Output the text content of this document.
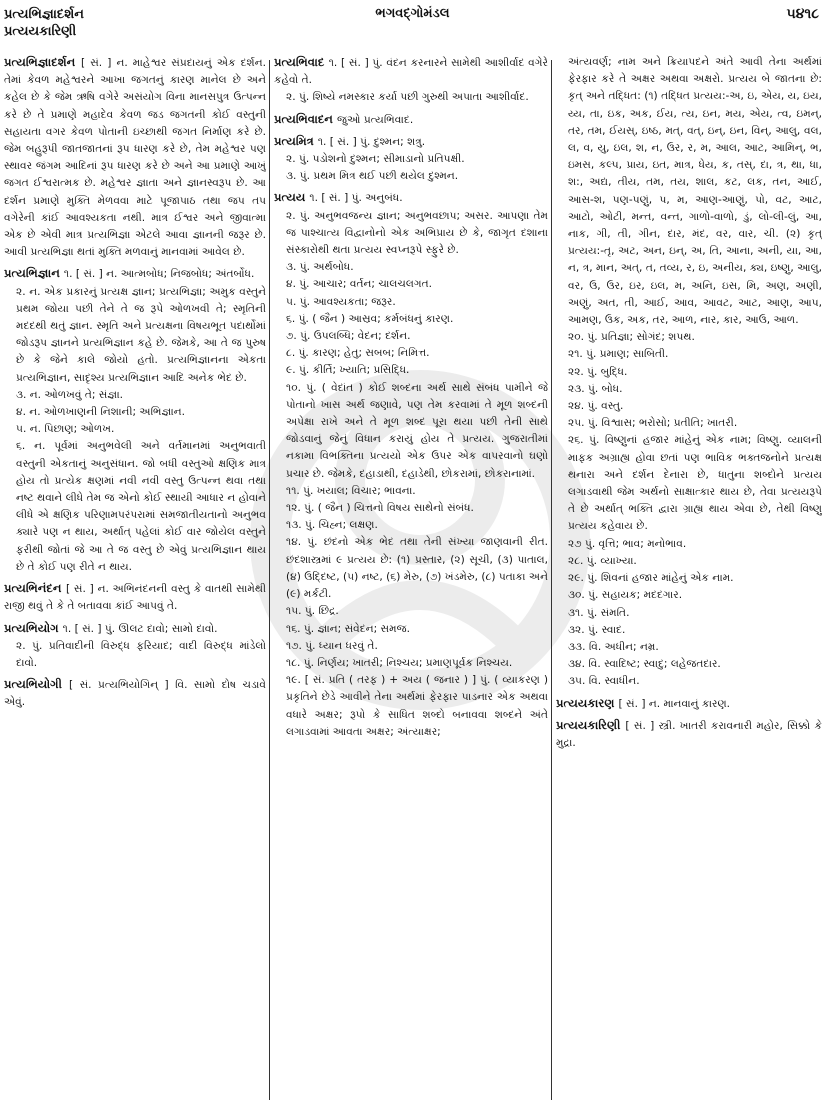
પ્રત્યભિજ્ઞાદર્શન
પ્રત્યયકારિણી
ભગવદ્ગોમંડલ	૫૪૧૮
પ્રત્યભિજ્ઞાદર્શન [ સં. ] ન. માહેશ્વર સંપ્રદાયનું એક દર્શન. તેમાં કેવળ મહેશ્વરને આખા જગતનું કારણ માનેલ છે અને કહેલ છે કે જેમ ઋષિ વગેરે અસંયોગ વિના માનસપુત્ર ઉત્પન્ન કરે છે તે પ્રમાણે મહાદેવ કેવળ જડ જગતની કોઈ વસ્તુની સહાયતા વગર કેવળ પોતાની ઇચ્છાથી જગત નિર્માણ કરે છે. જેમ બહુરૂપી જાતજાતનાં રૂપ ધારણ કરે છે, તેમ મહેશ્વર પણ સ્થાવર જંગમ આદિનાં રૂપ ધારણ કરે છે અને આ પ્રમાણે આખું જગત ઈશ્વરાત્મક છે. મહેશ્વર જ્ઞાતા અને જ્ઞાનસ્વરૂપ છે. આ દર્શન પ્રમાણે મુક્તિ મેળવવા માટે પૂજાપાઠ તથા જપ તપ વગેરેની કાંઈ આવશ્યકતા નથી. માત્ર ઈશ્વર અને જીવાત્મા એક છે એવી માત્ર પ્રત્યભિજ્ઞા એટલે આવા જ્ઞાનની જરૂર છે. આવી પ્રત્યભિજ્ઞા થતાં મુક્તિ મળવાનું માનવામાં આવેલ છે.
પ્રત્યભિજ્ઞાન ૧. [ સં. ] ન. આત્મબોધ; નિજબોધ; અંતર્બોધ.
૨. ન. એક પ્રકારનું પ્રત્યક્ષ જ્ઞાન; પ્રત્યભિજ્ઞા; અમુક વસ્તુને પ્રથમ જોયા પછી તેને તે જ રૂપે ઓળખવી તે; સ્મૃતિની મદદથી થતું જ્ઞાન. સ્મૃતિ અને પ્રત્યક્ષના વિષયભૂત પદાર્થોમાં જોડરૂપ જ્ઞાનને પ્રત્યભિજ્ઞાન કહે છે. જેમકે, આ તે જ પુરુષ છે કે જેને કાલે જોયો હતો. પ્રત્યભિજ્ઞાનના એકતા પ્રત્યભિજ્ઞાન, સાદૃશ્ય પ્રત્યભિજ્ઞાન આદિ અનેક ભેદ છે.
૩. ન. ઓળખવું તે; સંજ્ઞા.
૪. ન. ઓળખાણની નિશાની; અભિજ્ઞાન.
૫. ન. પિછાણ; ઓળખ.
૬. ન. પૂર્વમાં અનુભવેલી અને વર્તમાનમાં અનુભવાતી વસ્તુની એકતાનું અનુસંધાન. જો બધી વસ્તુઓ ક્ષણિક માત્ર હોય તો પ્રત્યેક ક્ષણમાં નવી નવી વસ્તુ ઉત્પન્ન થવા તથા નષ્ટ થવાને લીધે તેમ જ એનો કોઈ સ્થાયી આધાર ન હોવાને લીધે એ ક્ષણિક પરિણામપરંપરામાં સમજાતીયતાનો અનુભવ ક્યારે પણ ન થાય, અર્થાત્ પહેલાં કોઈ વાર જોયેલ વસ્તુને ફરીથી જોતાં જે આ તે જ વસ્તુ છે એવું પ્રત્યભિજ્ઞાન થાય છે તે કોઈ પણ રીતે ન થાય.
પ્રત્યભિનંદન [ સં. ] ન. અભિનંદનની વસ્તુ કે વાતથી સામેથી રાજી થવું તે કે તે બતાવવા કાંઈ આપવું તે.
પ્રત્યભિયોગ ૧. [ સં. ] પું. ઊલટ દાવો; સામો દાવો.
૨. પું. પ્રતિવાદીની વિરુદ્ધ ફરિયાદ; વાદી વિરુદ્ધ માંડેલો દાવો.
પ્રત્યભિયોગી [ સં. પ્રત્યભિયોગિન્ ] વિ. સામો દોષ ચડાવે એવું.
પ્રત્યભિવાદ ૧. [ સં. ] પું. વંદન કરનારને સામેથી આશીર્વાદ વગેરે કહેવો તે.
૨. પું. શિષ્યે નમસ્કાર કર્યા પછી ગુરુથી અપાતા આશીર્વાદ.
પ્રત્યભિવાદન જુઓ પ્રત્યભિવાદ.
પ્રત્યમિત્ર ૧. [ સં. ] પું. દુશ્મન; શત્રુ.
૨. પું. પડોશનો દુશ્મન; સીમાડાનો પ્રતિપક્ષી.
૩. પું. પ્રથમ મિત્ર થઈ પછી થયેલ દુશ્મન.
પ્રત્યય ૧. [ સં. ] પું. અનુબંધ.
૨. પું. અનુભવજન્ય જ્ઞાન; અનુભવછાપ; અસર. આપણા તેમ જ પાશ્ચાત્ય વિદ્વાનોનો એક અભિપ્રાય છે કે, જાગૃત દશાના સંસ્કારોથી થતા પ્રત્યય સ્વપ્નરૂપે સ્ફુરે છે.
૩. પું. અર્થબોધ.
૪. પું. આચાર; વર્તન; ચાલચલગત.
૫. પું. આવશ્યકતા; જરૂર.
૬. પું. ( જૈન ) આસ્રવ; કર્મબંધનું કારણ.
૭. પું. ઉપલબ્ધિ; વેદન; દર્શન.
૮. પું. કારણ; હેતુ; સબબ; નિમિત્ત.
૯. પું. કીર્તિ; ખ્યાતિ; પ્રસિદ્ધિ.
૧૦. પું. ( વેદાંત ) કોઈ શબ્દના અર્થ સાથે સંબંધ પામીને જે પોતાનો ખાસ અર્થ જણાવે, પણ તેમ કરવામાં તે મૂળ શબ્દની અપેક્ષા રાખે અને તે મૂળ શબ્દ પૂરા થયા પછી તેની સાથે જોડવાનું જેનું વિધાન કરાયું હોય તે પ્રત્યય. ગુજરાતીમાં નકામા વિભક્તિના પ્રત્યયો એક ઉપર એક વાપરવાનો ઘણો પ્રચાર છે. જેમકે, દહાડાથી, દહાડેથી, છોકરામાં, છોકરાનામાં.
૧૧. પું. ખયાલ; વિચાર; ભાવના.
૧૨. પું. ( જૈન ) ચિત્તનો વિષય સાથેનો સંબંધ.
૧૩. પું. ચિહ્ન; લક્ષણ.
૧૪. પું. છંદનો એક ભેદ તથા તેની સંખ્યા જાણવાની રીત. છંદશાસ્ત્રમાં ૯ પ્રત્યય છે: (૧) પ્રસ્તાર, (૨) સૂચી, (૩) પાતાલ, (૪) ઉદ્દિષ્ટ, (૫) નષ્ટ, (૬) મેરુ, (૭) ખંડમેરુ, (૮) પતાકા અને (૯) મર્કટી.
૧૫. પું. છિદ્ર.
૧૬. પું. જ્ઞાન; સંવેદન; સમજ.
૧૭. પું. ધ્યાન ધરવું તે.
૧૮. પું. નિર્ણય; ખાતરી; નિશ્ચય; પ્રમાણપૂર્વક નિશ્ચય.
૧૯. [ સં. પ્રતિ ( તરફ ) + અય ( જનાર ) ] પું. ( વ્યાકરણ ) પ્રકૃતિને છેડે આવીને તેના અર્થમાં ફેરફાર પાડનાર એક અથવા વધારે અક્ષર; રૂપો કે સાધિત શબ્દો બનાવવા શબ્દને અંતે લગાડવામાં આવતા અક્ષર; અંત્યાક્ષર;
અંત્યવર્ણ; નામ અને ક્રિયાપદને અંતે આવી તેના અર્થમાં ફેરફાર કરે તે અક્ષર અથવા અક્ષરો. પ્રત્યય બે જાતના છે: કૃત્ અને તદ્ધિત: (૧) તદ્ધિત પ્રત્યય:-અ, ઇ, એય, ય, ઇય, ય્ય, તા, ઇક, અક, ઈય, ત્ય, ઇન, મય, એય, ત્વ, ઇમન્, તર, તમ, ઈયસ્, ઇષ્ઠ, મત્, વત્, ઇન્, ઇન, વિન્, આલુ, વલ, લ, વ, યુ, ઇલ, શ, ન, ઉર, ર, મ, આલ, આટ, આમિન્, ભ, ઇમસ, કલ્પ, પ્રાય, ઇત, માત્ર, ધેય, ક, તસ્, દા, ત્ર, થા, ધા, શ:, અદ્ય, તીય, તમ, તય, શાલ, કટ, લક, તન, આઈ, આસ-શ, પણ-પણું, પ, મ, આણ-આણું, પો, વટ, આટ, આટો, ઓટી, મન્ત, વન્ત, ગાળો-વાળો, ડું, લો-લી-લું, આ, નાક, ગી, તી, ગીન, દાર, મંદ, વર, વાર, ચી. (૨) કૃત્ પ્રત્યય:-તૃ, અટ, અન, ઇન્, અ, તિ, આના, અની, યા, આ, ન, ત્ર, માન, અત્, ત, તવ્ય, ર, ઇ, અનીય, ક્ય, ઇષ્ણુ, આલુ, વર, ઉ, ઉર, ઇર, ઇલ, મ, અનિ, ઇસ, મિ, અણ, અણી, અણું, અત, તી, આઈ, આવ, આવટ, આટ, આણ, આપ, આમણ, ઉક, અક, તર, આળ, નાર, કાર, આઉ, આળ.
૨૦. પું. પ્રતિજ્ઞા; સોગંદ; શપથ.
૨૧. પું. પ્રમાણ; સાબિતી.
૨૨. પું. બુદ્ધિ.
૨૩. પું. બોધ.
૨૪. પું. વસ્તુ.
૨૫. પું. વિશ્વાસ; ભરોસો; પ્રતીતિ; ખાતરી.
૨૬. પું. વિષ્ણુનાં હજાર માંહેનું એક નામ; વિષ્ણુ. વ્યાલની માફક અગ્રાહ્ય હોવા છતાં પણ ભાવિક ભક્તજનોને પ્રત્યક્ષ થનારા અને દર્શન દેનારા છે, ધાતુના શબ્દોને પ્રત્યય લગાડવાથી જેમ અર્થનો સાક્ષાત્કાર થાય છે, તેવા પ્રત્યયરૂપે તે છે અર્થાત્ ભક્તિ દ્વારા ગ્રાહ્ય થાય એવા છે, તેથી વિષ્ણુ પ્રત્યય કહેવાય છે.
૨૭ પું. વૃત્તિ; ભાવ; મનોભાવ.
૨૮. પું. વ્યાખ્યા.
૨૯. પું. શિવનાં હજાર માંહેનું એક નામ.
૩૦. પું. સહાયક; મદદગાર.
૩૧. પું. સંમતિ.
૩૨. પું. સ્વાદ.
૩૩. વિ. અધીન; નમ્ર.
૩૪. વિ. સ્વાદિષ્ટ; સ્વાદુ; લહેજતદાર.
૩૫. વિ. સ્વાધીન.
પ્રત્યયકારણ [ સં. ] ન. માનવાનું કારણ.
પ્રત્યયકારિણી [ સં. ] સ્ત્રી. ખાતરી કરાવનારી મહોર, સિક્કો કે મુદ્રા.
